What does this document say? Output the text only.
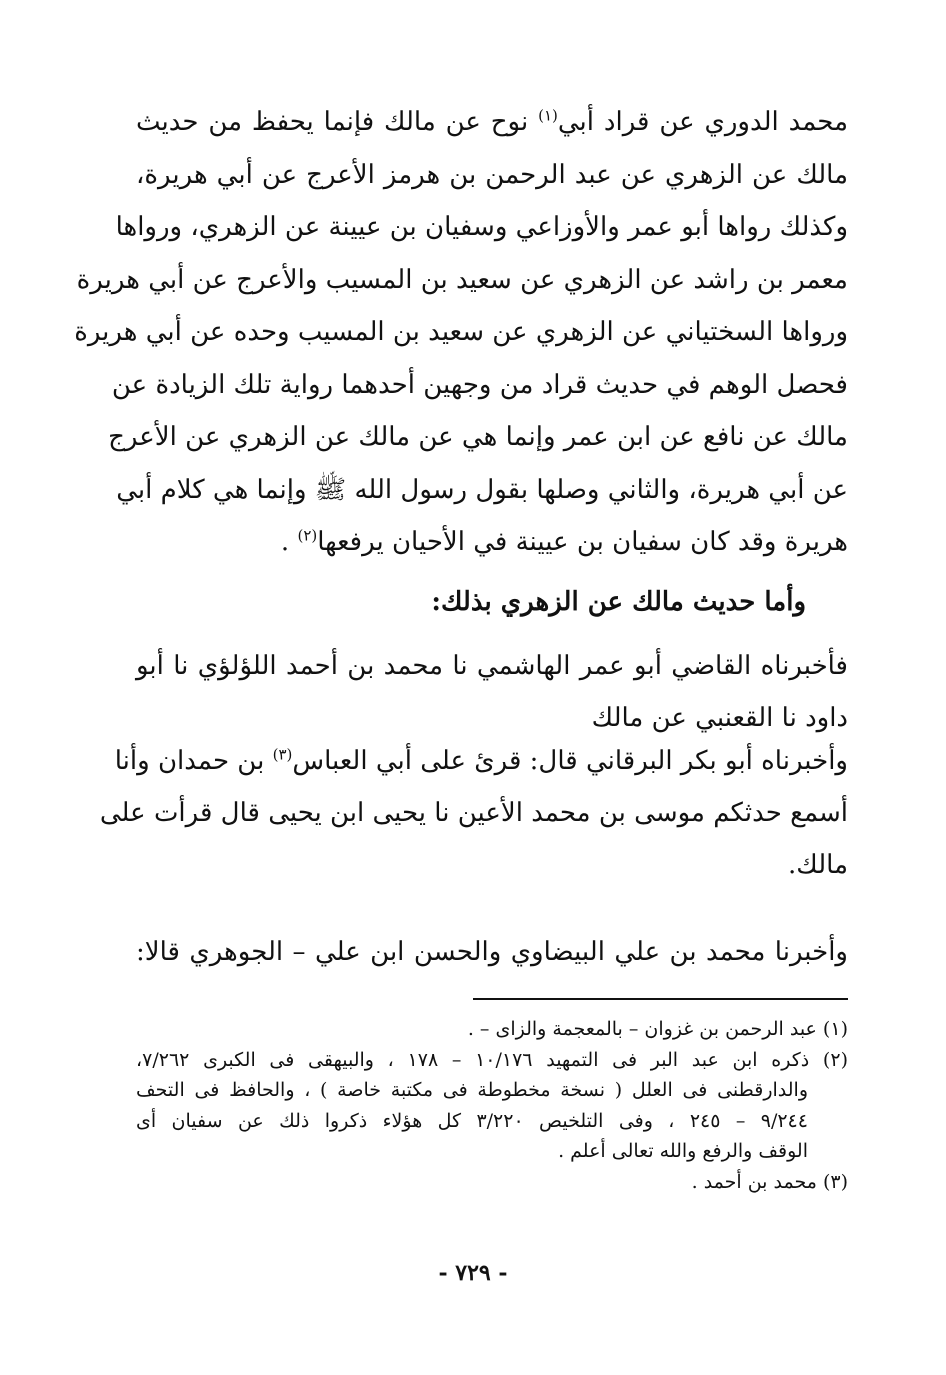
محمد الدوري عن قراد أبي$^{(١)}$ نوح عن مالك فإنما يحفظ من حديث
مالك عن الزهري عن عبد الرحمن بن هرمز الأعرج عن أبي هريرة،
وكذلك رواها أبو عمر والأوزاعي وسفيان بن عيينة عن الزهري، ورواها
معمر بن راشد عن الزهري عن سعيد بن المسيب والأعرج عن أبي هريرة
ورواها السختياني عن الزهري عن سعيد بن المسيب وحده عن أبي هريرة
فحصل الوهم في حديث قراد من وجهين أحدهما رواية تلك الزيادة عن
مالك عن نافع عن ابن عمر وإنما هي عن مالك عن الزهري عن الأعرج
عن أبي هريرة، والثاني وصلها بقول رسول الله ﷺ وإنما هي كلام أبي
هريرة وقد كان سفيان بن عيينة في الأحيان يرفعها$^{(٢)}$ .
وأما حديث مالك عن الزهري بذلك:
فأخبرناه القاضي أبو عمر الهاشمي نا محمد بن أحمد اللؤلؤي نا أبو
داود نا القعنبي عن مالك
وأخبرناه أبو بكر البرقاني قال: قرئ على أبي العباس$^{(٣)}$ بن حمدان وأنا
أسمع حدثكم موسى بن محمد الأعين نا يحيى ابن يحيى قال قرأت على
مالك.
وأخبرنا محمد بن علي البيضاوي والحسن ابن علي – الجوهري قالا:
(١) عبد الرحمن بن غزوان – بالمعجمة والزاى – .
(٢) ذكره ابن عبد البر فى التمهيد ١٠/١٧٦ – ١٧٨ ، والبيهقى فى الكبرى ٧/٢٦٢،
والدارقطنى فى العلل ( نسخة مخطوطة فى مكتبة خاصة ) ، والحافظ فى التحف
٩/٢٤٤ – ٢٤٥ ، وفى التلخيص ٣/٢٢٠ كل هؤلاء ذكروا ذلك عن سفيان أى
الوقف والرفع والله تعالى أعلم .
(٣) محمد بن أحمد .
- ٧٢٩ -
